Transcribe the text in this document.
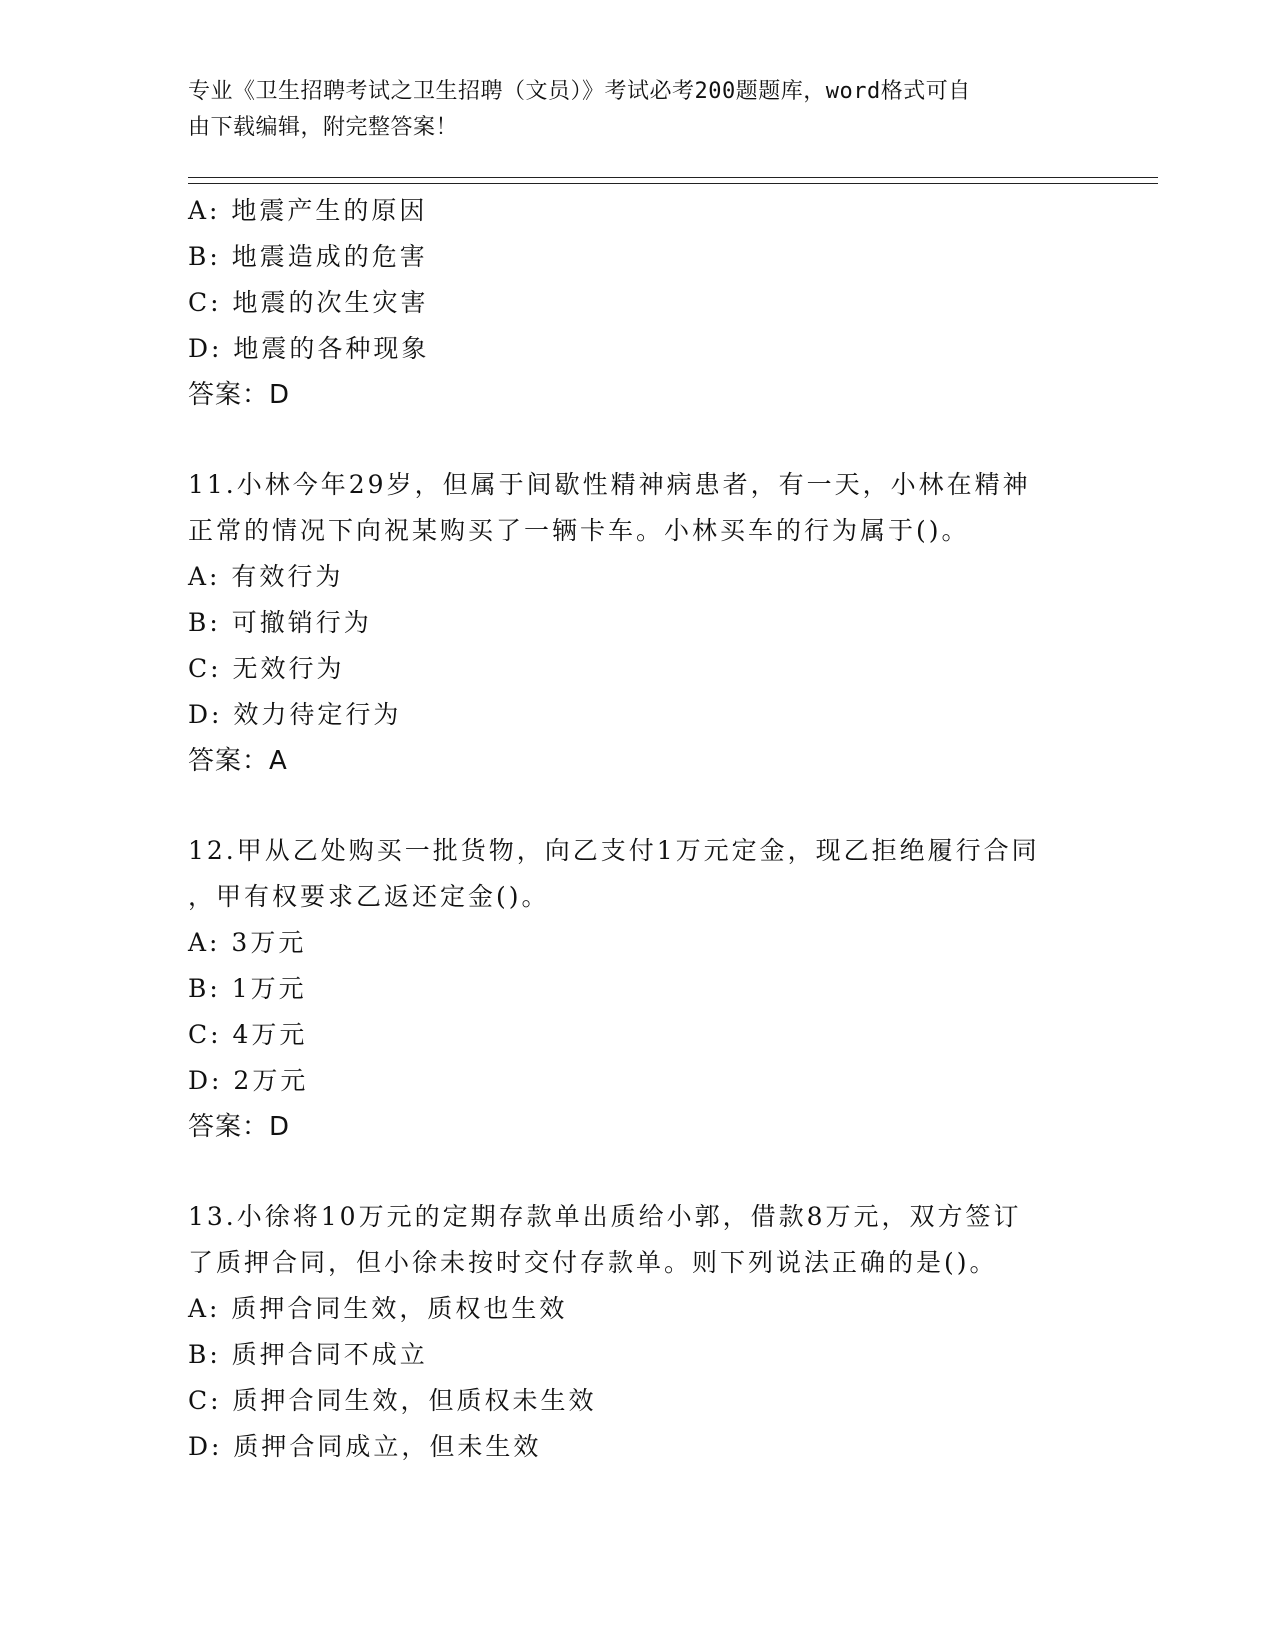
专业《卫生招聘考试之卫生招聘（文员）》考试必考200题题库，word格式可自
由下载编辑，附完整答案！
A: 地震产生的原因
B: 地震造成的危害
C: 地震的次生灾害
D: 地震的各种现象
答案：D
11.小林今年29岁，但属于间歇性精神病患者，有一天，小林在精神
正常的情况下向祝某购买了一辆卡车。小林买车的行为属于()。
A: 有效行为
B: 可撤销行为
C: 无效行为
D: 效力待定行为
答案：A
12.甲从乙处购买一批货物，向乙支付1万元定金，现乙拒绝履行合同
，甲有权要求乙返还定金()。
A: 3万元
B: 1万元
C: 4万元
D: 2万元
答案：D
13.小徐将10万元的定期存款单出质给小郭，借款8万元，双方签订
了质押合同，但小徐未按时交付存款单。则下列说法正确的是()。
A: 质押合同生效，质权也生效
B: 质押合同不成立
C: 质押合同生效，但质权未生效
D: 质押合同成立，但未生效
